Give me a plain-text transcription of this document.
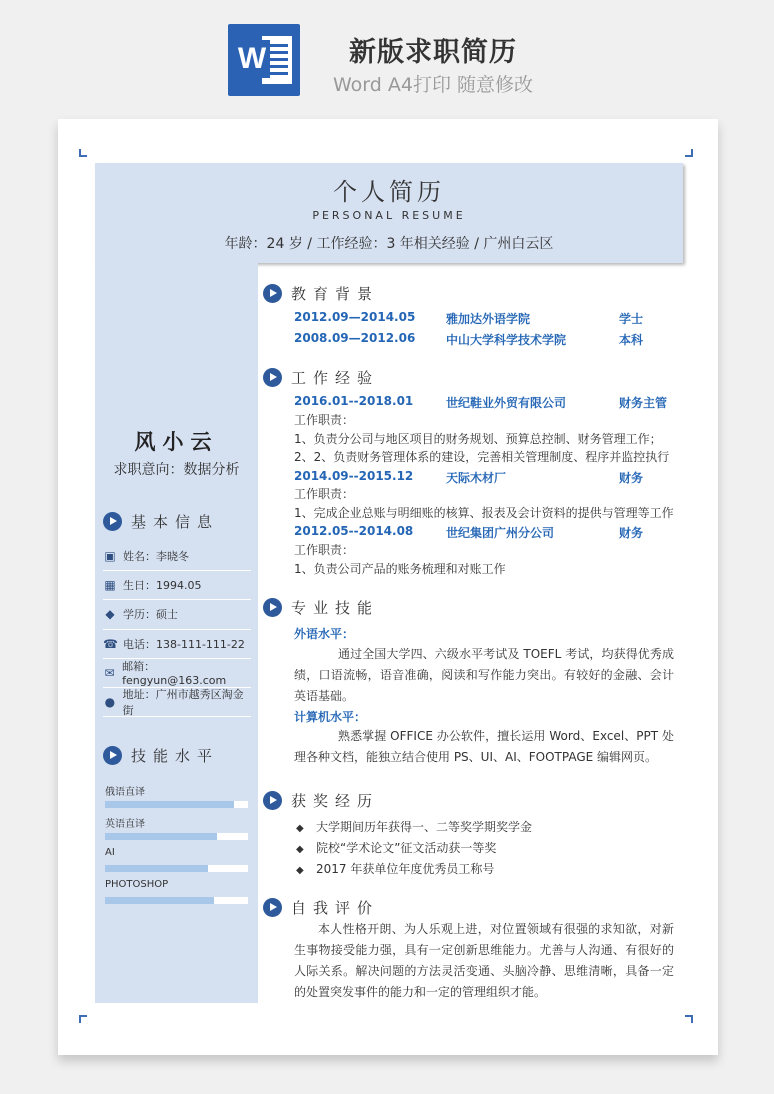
W	新版求职简历
Word A4打印 随意修改
个人简历
PERSONAL RESUME
年龄：24 岁 / 工作经验：3 年相关经验 / 广州白云区
风小云
求职意向：数据分析
基本信息
▣ 姓名：李晓冬
▦ 生日：1994.05
◆ 学历：硕士
☎ 电话：138-111-111-22
✉ 邮箱：fengyun@163.com
●
地址：广州市越秀区淘金街
技能水平
俄语直译
英语直译
AI
PHOTOSHOP
教育背景
2012.09—2014.05	雅加达外语学院	学士
2008.09—2012.06	中山大学科学技术学院	本科
工作经验
2016.01--2018.01	世纪鞋业外贸有限公司	财务主管
工作职责：
1、负责分公司与地区项目的财务规划、预算总控制、财务管理工作；
2、2、负责财务管理体系的建设，完善相关管理制度、程序并监控执行
2014.09--2015.12	天际木材厂	财务
工作职责：
1、完成企业总账与明细账的核算、报表及会计资料的提供与管理等工作
2012.05--2014.08	世纪集团广州分公司	财务
工作职责：
1、负责公司产品的账务梳理和对账工作
专业技能
外语水平：
通过全国大学四、六级水平考试及 TOEFL 考试，均获得优秀成绩，口语流畅，语音准确，阅读和写作能力突出。有较好的金融、会计英语基础。
计算机水平：
熟悉掌握 OFFICE 办公软件，擅长运用 Word、Excel、PPT 处理各种文档，能独立结合使用 PS、UI、AI、FOOTPAGE 编辑网页。
获奖经历
◆ 大学期间历年获得一、二等奖学期奖学金
◆ 院校“学术论文”征文活动获一等奖
◆ 2017 年获单位年度优秀员工称号
自我评价
本人性格开朗、为人乐观上进，对位置领域有很强的求知欲，对新生事物接受能力强，具有一定创新思维能力。尤善与人沟通、有很好的人际关系。解决问题的方法灵活变通、头脑冷静、思维清晰，具备一定的处置突发事件的能力和一定的管理组织才能。
